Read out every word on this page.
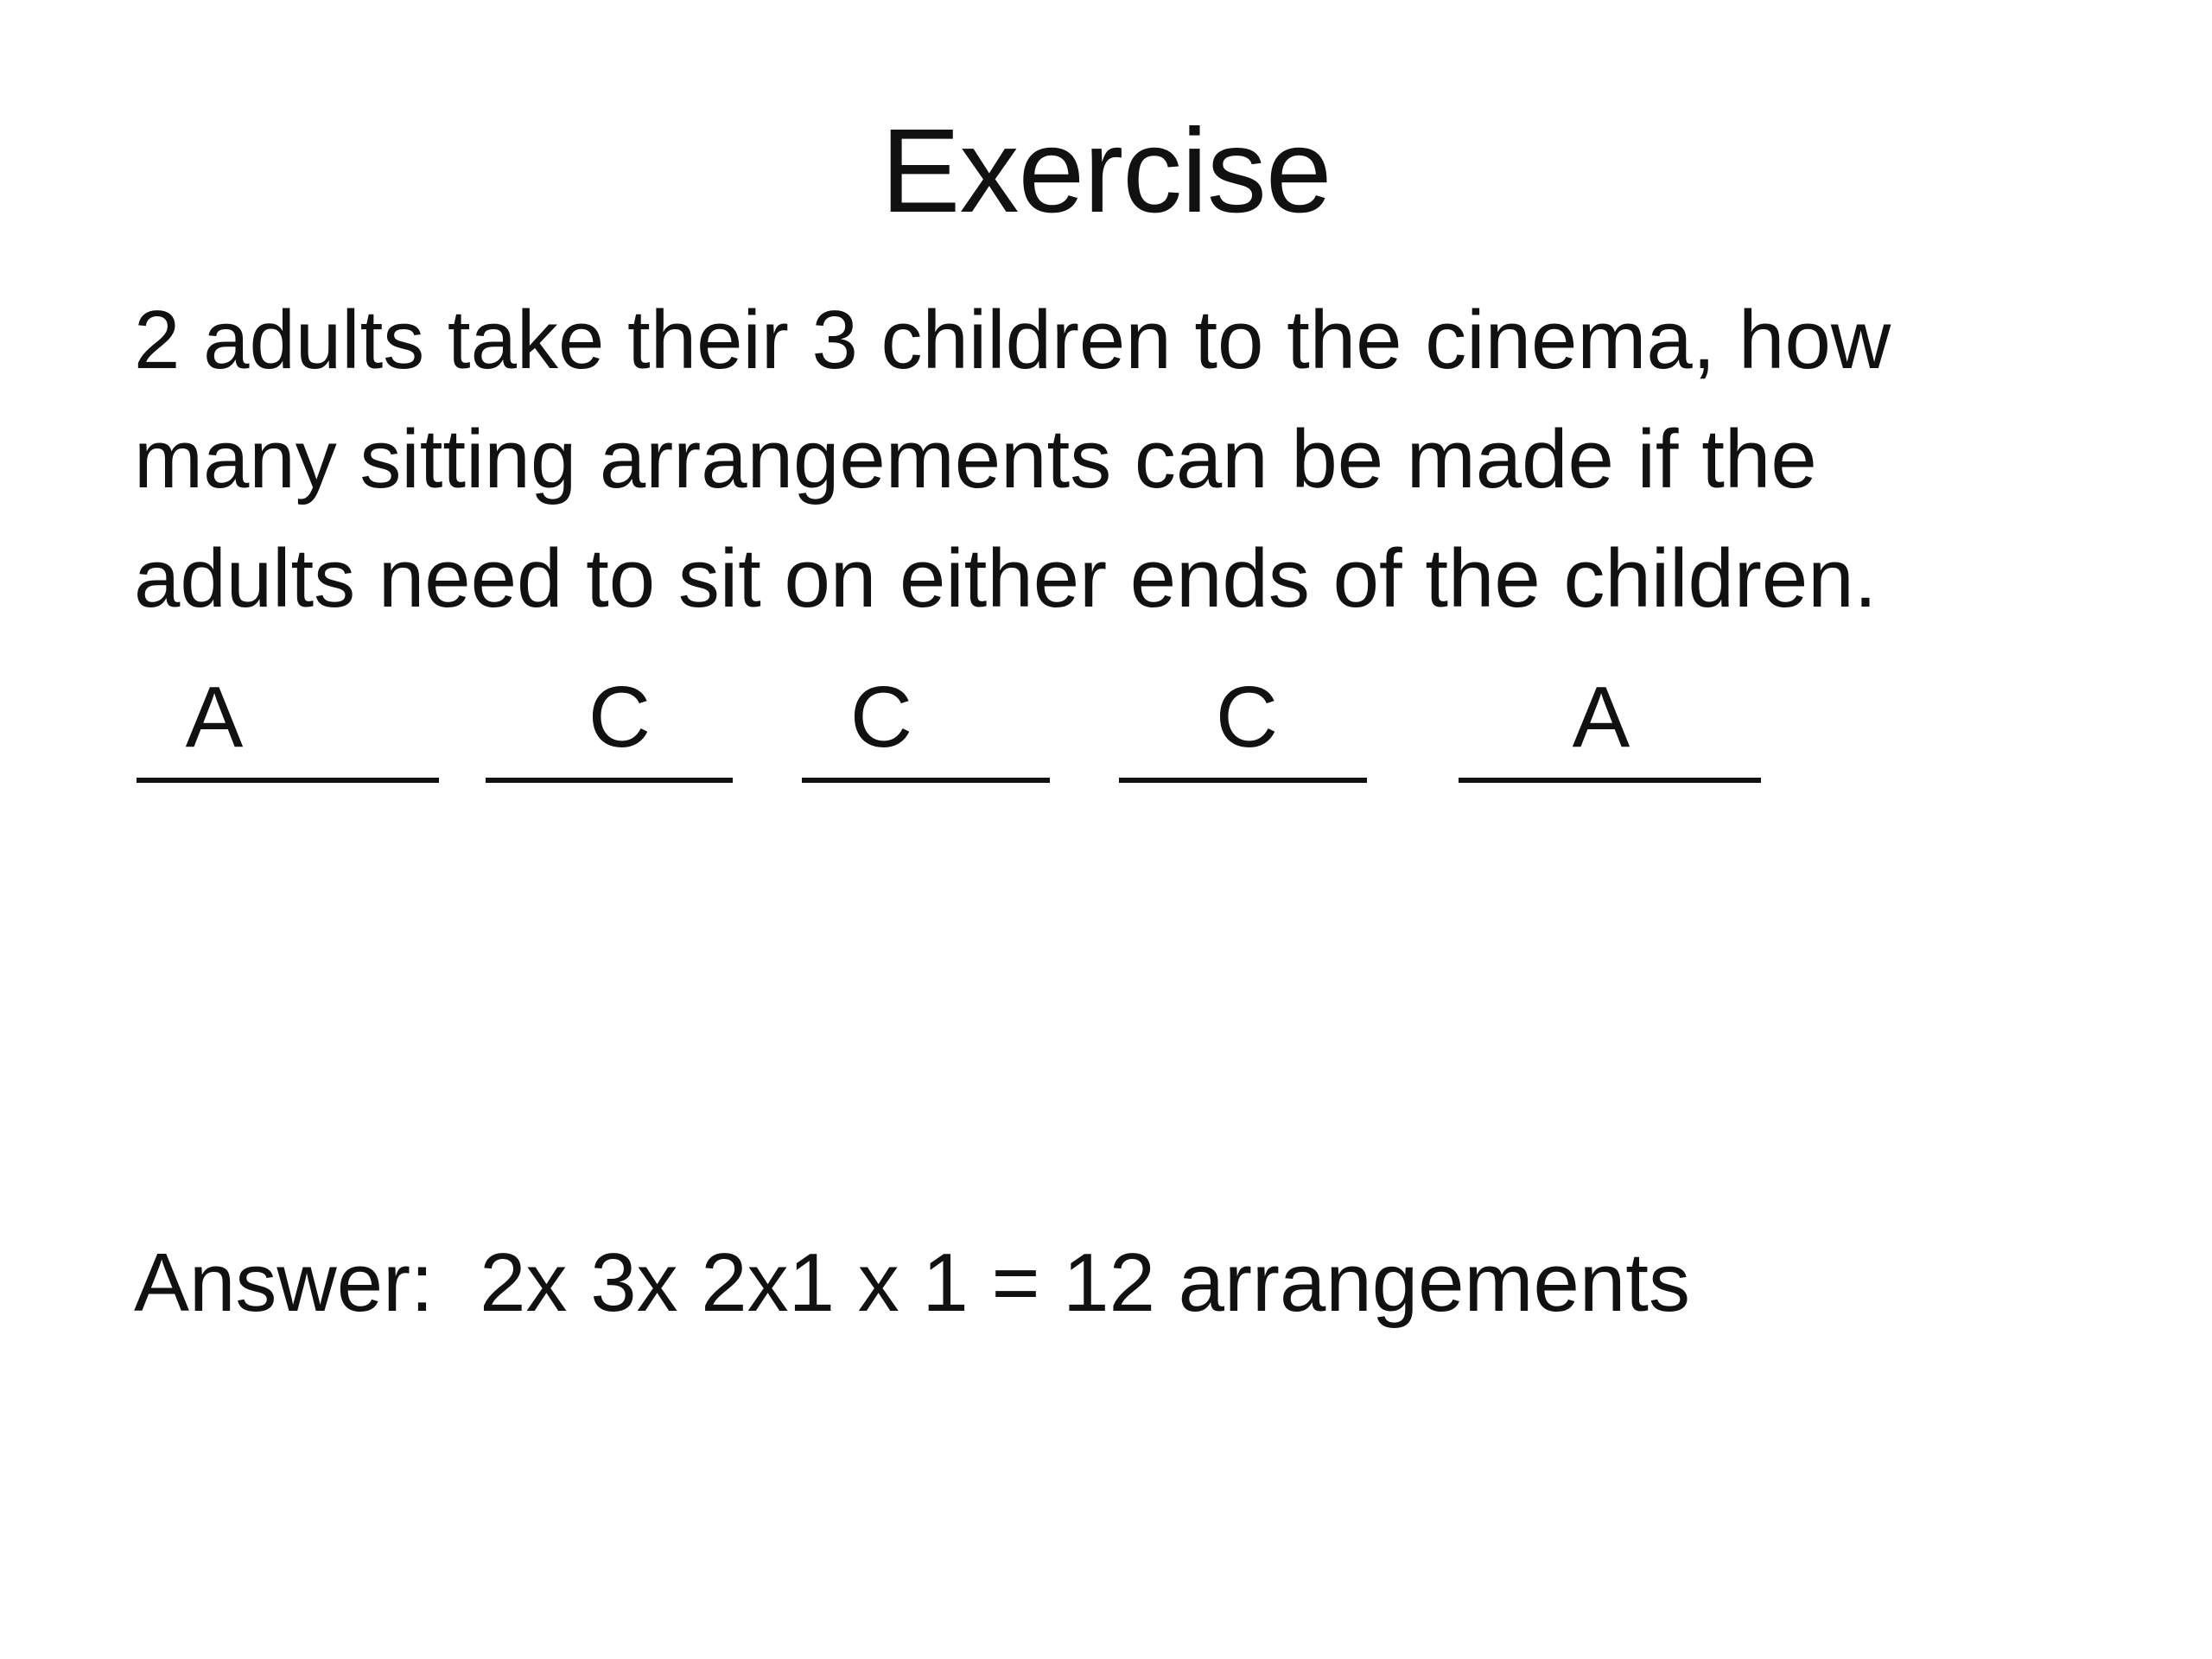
Exercise

2 adults take their 3 children to the cinema, how
many sitting arrangements can be made if the
adults need to sit on either ends of the children.

A	C C	C	A

Answer:  2x 3x 2x1 x 1 = 12 arrangements
